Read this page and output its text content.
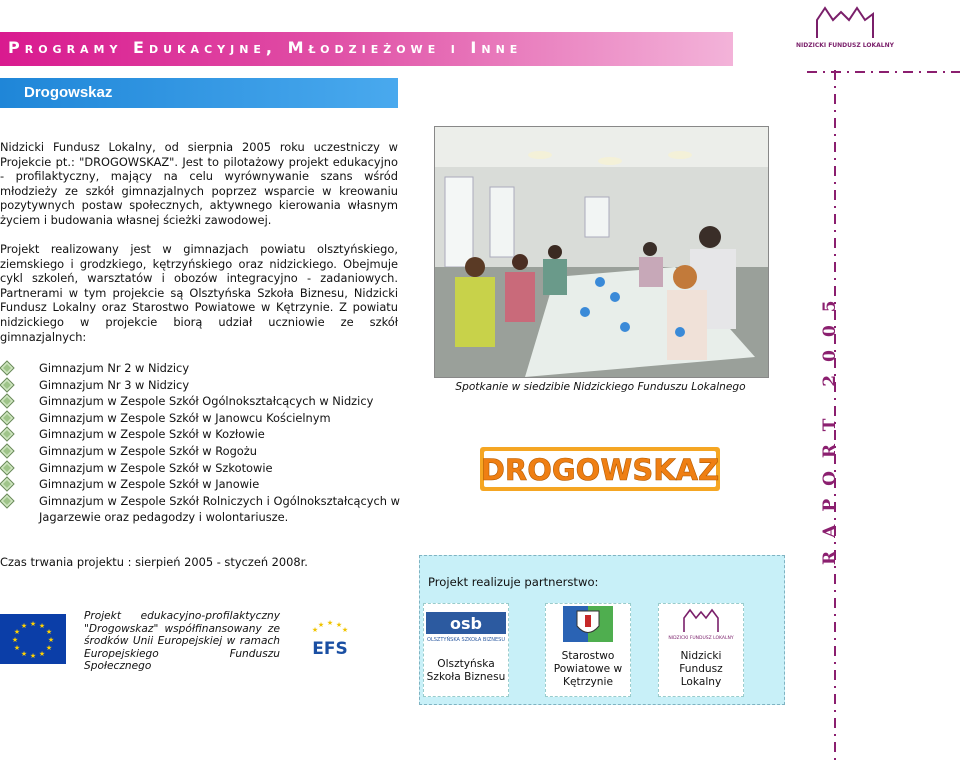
Programy Edukacyjne, Młodzieżowe i Inne
Drogowskaz
Nidzicki Fundusz Lokalny, od sierpnia 2005 roku uczestniczy w Projekcie pt.: "DROGOWSKAZ". Jest to pilotażowy projekt edukacyjno - profilaktyczny, mający na celu wyrównywanie szans wśród młodzieży ze szkół gimnazjalnych poprzez wsparcie w kreowaniu pozytywnych postaw społecznych, aktywnego kierowania własnym życiem i budowania własnej ścieżki zawodowej.
Projekt realizowany jest w gimnazjach powiatu olsztyńskiego, ziemskiego i grodzkiego, kętrzyńskiego oraz nidzickiego. Obejmuje cykl szkoleń, warsztatów i obozów integracyjno - zadaniowych. Partnerami w tym projekcie są Olsztyńska Szkoła Biznesu, Nidzicki Fundusz Lokalny oraz Starostwo Powiatowe w Kętrzynie. Z powiatu nidzickiego w projekcie biorą udział uczniowie ze szkół gimnazjalnych:
Gimnazjum Nr 2 w Nidzicy
Gimnazjum Nr 3 w Nidzicy
Gimnazjum w Zespole Szkół Ogólnokształcących w Nidzicy
Gimnazjum w Zespole Szkół w Janowcu Kościelnym
Gimnazjum w Zespole Szkół w Kozłowie
Gimnazjum w Zespole Szkół w Rogożu
Gimnazjum w Zespole Szkół w Szkotowie
Gimnazjum w Zespole Szkół w Janowie
Gimnazjum w Zespole Szkół Rolniczych i Ogólnokształcących w Jagarzewie oraz pedagodzy i wolontariusze.
Czas trwania projektu : sierpień 2005 - styczeń 2008r.
Spotkanie w siedzibie Nidzickiego Funduszu Lokalnego
DROGOWSKAZ
Projekt realizuje partnerstwo:
osb
OLSZTYŃSKA SZKOŁA BIZNESU
Olsztyńska Szkoła Biznesu
Starostwo Powiatowe w Kętrzynie
NIDZICKI FUNDUSZ LOKALNY
Nidzicki Fundusz Lokalny
★ ★
★
★
★
★
★
★
★
★
★
★
Projekt edukacyjno-profilaktyczny "Drogowskaz" współfinansowany ze środków Unii Europejskiej w ramach Europejskiego Funduszu Społecznego
★ ★
★
★
★
EFS
NIDZICKI FUNDUSZ LOKALNY
RAPORT 2005
